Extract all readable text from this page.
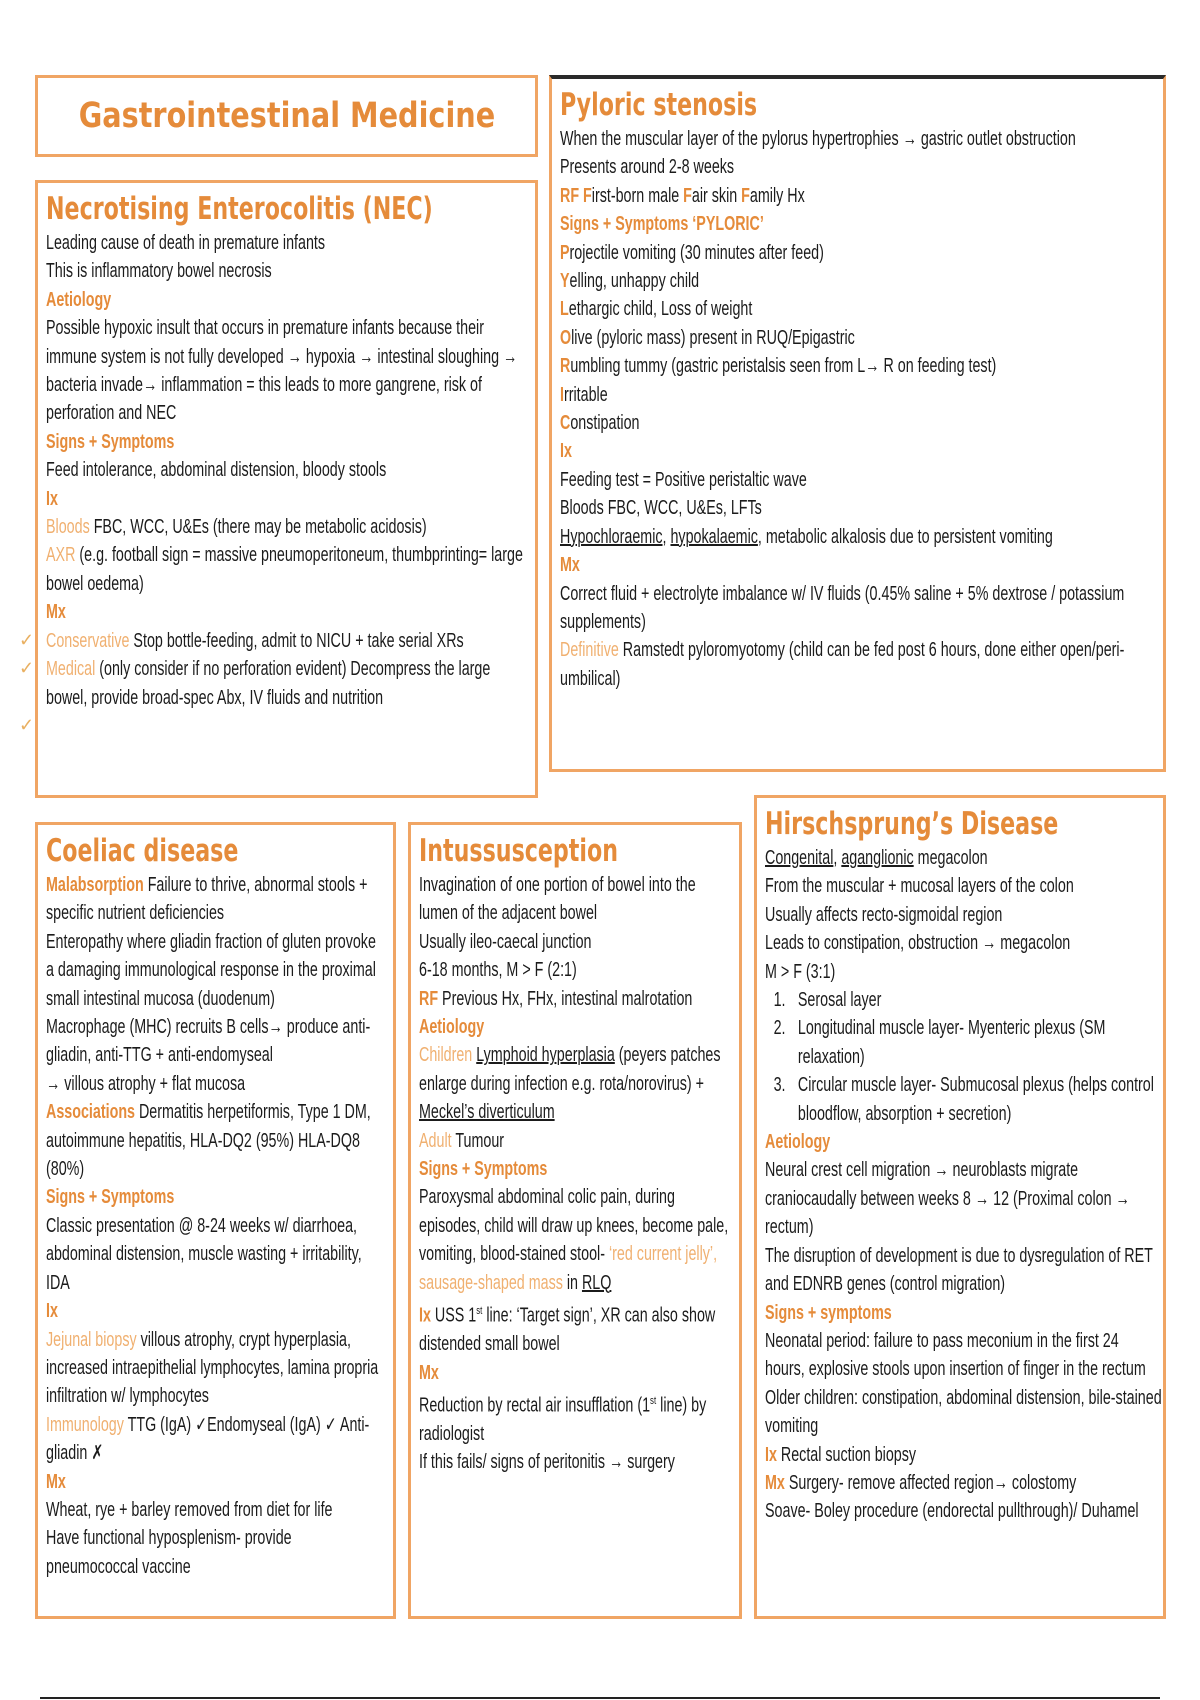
Gastrointestinal Medicine
Necrotising Enterocolitis (NEC)
Leading cause of death in premature infants
This is inflammatory bowel necrosis
Aetiology
Possible hypoxic insult that occurs in premature infants because their immune system is not fully developed → hypoxia → intestinal sloughing → bacteria invade→ inflammation = this leads to more gangrene, risk of perforation and NEC
Signs + Symptoms
Feed intolerance, abdominal distension, bloody stools
Ix
Bloods FBC, WCC, U&Es (there may be metabolic acidosis)
AXR (e.g. football sign = massive pneumoperitoneum, thumbprinting= large bowel oedema)
Mx
Conservative Stop bottle-feeding, admit to NICU + take serial XRs
Medical (only consider if no perforation evident) Decompress the large bowel, provide broad-spec Abx, IV fluids and nutrition
✓
✓
✓
Pyloric stenosis
When the muscular layer of the pylorus hypertrophies → gastric outlet obstruction
Presents around 2-8 weeks
RF First-born male Fair skin Family Hx
Signs + Symptoms ‘PYLORIC’
Projectile vomiting (30 minutes after feed)
Yelling, unhappy child
Lethargic child, Loss of weight
Olive (pyloric mass) present in RUQ/Epigastric
Rumbling tummy (gastric peristalsis seen from L→ R on feeding test)
Irritable
Constipation
Ix
Feeding test = Positive peristaltic wave
Bloods FBC, WCC, U&Es, LFTs
Hypochloraemic, hypokalaemic, metabolic alkalosis due to persistent vomiting
Mx
Correct fluid + electrolyte imbalance w/ IV fluids (0.45% saline + 5% dextrose / potassium supplements)
Definitive Ramstedt pyloromyotomy (child can be fed post 6 hours, done either open/peri-umbilical)
Coeliac disease
Malabsorption Failure to thrive, abnormal stools + specific nutrient deficiencies
Enteropathy where gliadin fraction of gluten provoke a damaging immunological response in the proximal small intestinal mucosa (duodenum)
Macrophage (MHC) recruits B cells→ produce anti-gliadin, anti-TTG + anti-endomyseal
→ villous atrophy + flat mucosa
Associations Dermatitis herpetiformis, Type 1 DM, autoimmune hepatitis, HLA-DQ2 (95%) HLA-DQ8 (80%)
Signs + Symptoms
Classic presentation @ 8-24 weeks w/ diarrhoea, abdominal distension, muscle wasting + irritability, IDA
Ix
Jejunal biopsy villous atrophy, crypt hyperplasia, increased intraepithelial lymphocytes, lamina propria infiltration w/ lymphocytes
Immunology TTG (IgA) ✓Endomyseal (IgA) ✓ Anti-gliadin ✗
Mx
Wheat, rye + barley removed from diet for life
Have functional hyposplenism- provide pneumococcal vaccine
Intussusception
Invagination of one portion of bowel into the lumen of the adjacent bowel
Usually ileo-caecal junction
6-18 months, M > F (2:1)
RF Previous Hx, FHx, intestinal malrotation
Aetiology
Children Lymphoid hyperplasia (peyers patches enlarge during infection e.g. rota/norovirus) + Meckel’s diverticulum
Adult Tumour
Signs + Symptoms
Paroxysmal abdominal colic pain, during episodes, child will draw up knees, become pale, vomiting, blood-stained stool- ‘red current jelly’, sausage-shaped mass in RLQ
Ix USS 1st line: ‘Target sign’, XR can also show distended small bowel
Mx
Reduction by rectal air insufflation (1st line) by radiologist
If this fails/ signs of peritonitis → surgery
Hirschsprung’s Disease
Congenital, aganglionic megacolon
From the muscular + mucosal layers of the colon
Usually affects recto-sigmoidal region
Leads to constipation, obstruction → megacolon
M > F (3:1)
1. Serosal layer
2. Longitudinal muscle layer- Myenteric plexus (SM relaxation)
3. Circular muscle layer- Submucosal plexus (helps control bloodflow, absorption + secretion)
Aetiology
Neural crest cell migration → neuroblasts migrate craniocaudally between weeks 8 → 12 (Proximal colon → rectum)
The disruption of development is due to dysregulation of RET and EDNRB genes (control migration)
Signs + symptoms
Neonatal period: failure to pass meconium in the first 24 hours, explosive stools upon insertion of finger in the rectum
Older children: constipation, abdominal distension, bile-stained vomiting
Ix Rectal suction biopsy
Mx Surgery- remove affected region→ colostomy
Soave- Boley procedure (endorectal pullthrough)/ Duhamel
